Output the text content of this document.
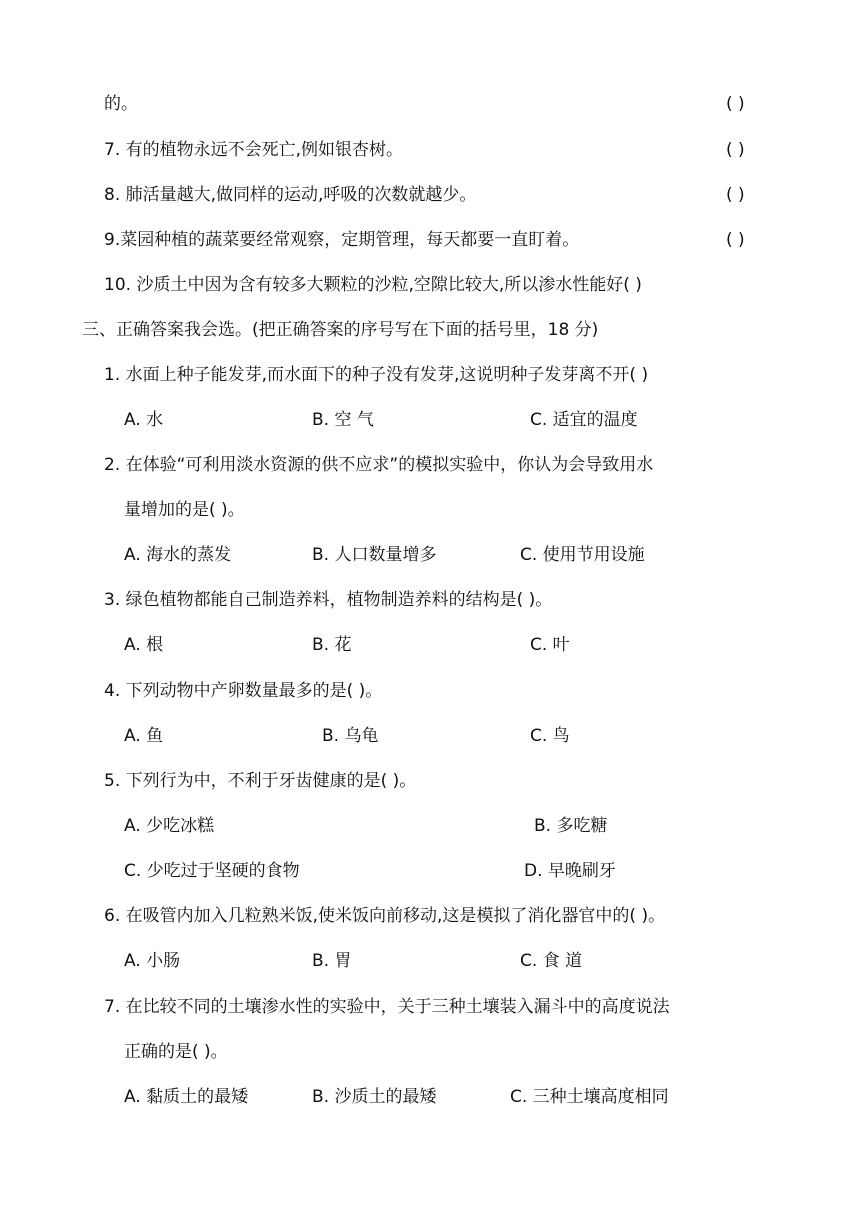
的。	( )
7. 有的植物永远不会死亡,例如银杏树。	( )
8. 肺活量越大,做同样的运动,呼吸的次数就越少。	( )
9.菜园种植的蔬菜要经常观察，定期管理，每天都要一直盯着。	( )
10. 沙质土中因为含有较多大颗粒的沙粒,空隙比较大,所以渗水性能好( )
三、正确答案我会选。(把正确答案的序号写在下面的括号里，18 分)
1. 水面上种子能发芽,而水面下的种子没有发芽,这说明种子发芽离不开( )
A. 水	B. 空 气	C. 适宜的温度
2. 在体验“可利用淡水资源的供不应求”的模拟实验中，你认为会导致用水
量增加的是( )。
A. 海水的蒸发	B. 人口数量增多	C. 使用节用设施
3. 绿色植物都能自己制造养料，植物制造养料的结构是( )。
A. 根	B. 花	C. 叶
4. 下列动物中产卵数量最多的是( )。
A. 鱼	B. 乌龟	C. 鸟
5. 下列行为中，不利于牙齿健康的是( )。
A. 少吃冰糕	B. 多吃糖
C. 少吃过于坚硬的食物	D. 早晚刷牙
6. 在吸管内加入几粒熟米饭,使米饭向前移动,这是模拟了消化器官中的( )。
A. 小肠	B. 胃	C. 食 道
7. 在比较不同的土壤渗水性的实验中，关于三种土壤装入漏斗中的高度说法
正确的是( )。
A. 黏质土的最矮	B. 沙质土的最矮	C. 三种土壤高度相同
